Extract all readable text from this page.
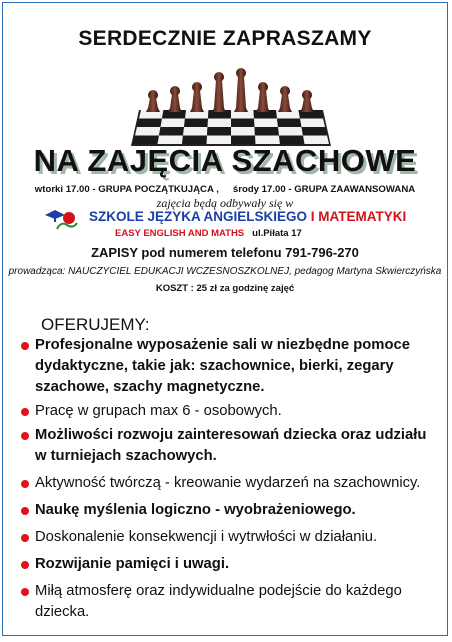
SERDECZNIE ZAPRASZAMY
NA ZAJĘCIA SZACHOWE
wtorki 17.00 - GRUPA POCZĄTKUJĄCA , środy 17.00 - GRUPA ZAAWANSOWANA
zajęcia będą odbywały się w
SZKOLE JĘZYKA ANGIELSKIEGO I MATEMATYKI
EASY ENGLISH AND MATHS ul.Piłata 17
ZAPISY pod numerem telefonu 791-796-270
prowadząca: NAUCZYCIEL EDUKACJI WCZESNOSZKOLNEJ, pedagog Martyna Skwierczyńska
KOSZT : 25 zł za godzinę zajęć
OFERUJEMY:
Profesjonalne wyposażenie sali w niezbędne pomoce dydaktyczne, takie jak: szachownice, bierki, zegary szachowe, szachy magnetyczne.
Pracę w grupach max 6 - osobowych.
Możliwości rozwoju zainteresowań dziecka oraz udziału w turniejach szachowych.
Aktywność twórczą - kreowanie wydarzeń na szachownicy.
Naukę myślenia logiczno - wyobrażeniowego.
Doskonalenie konsekwencji i wytrwłości w działaniu.
Rozwijanie pamięci i uwagi.
Miłą atmosferę oraz indywidualne podejście do każdego dziecka.
